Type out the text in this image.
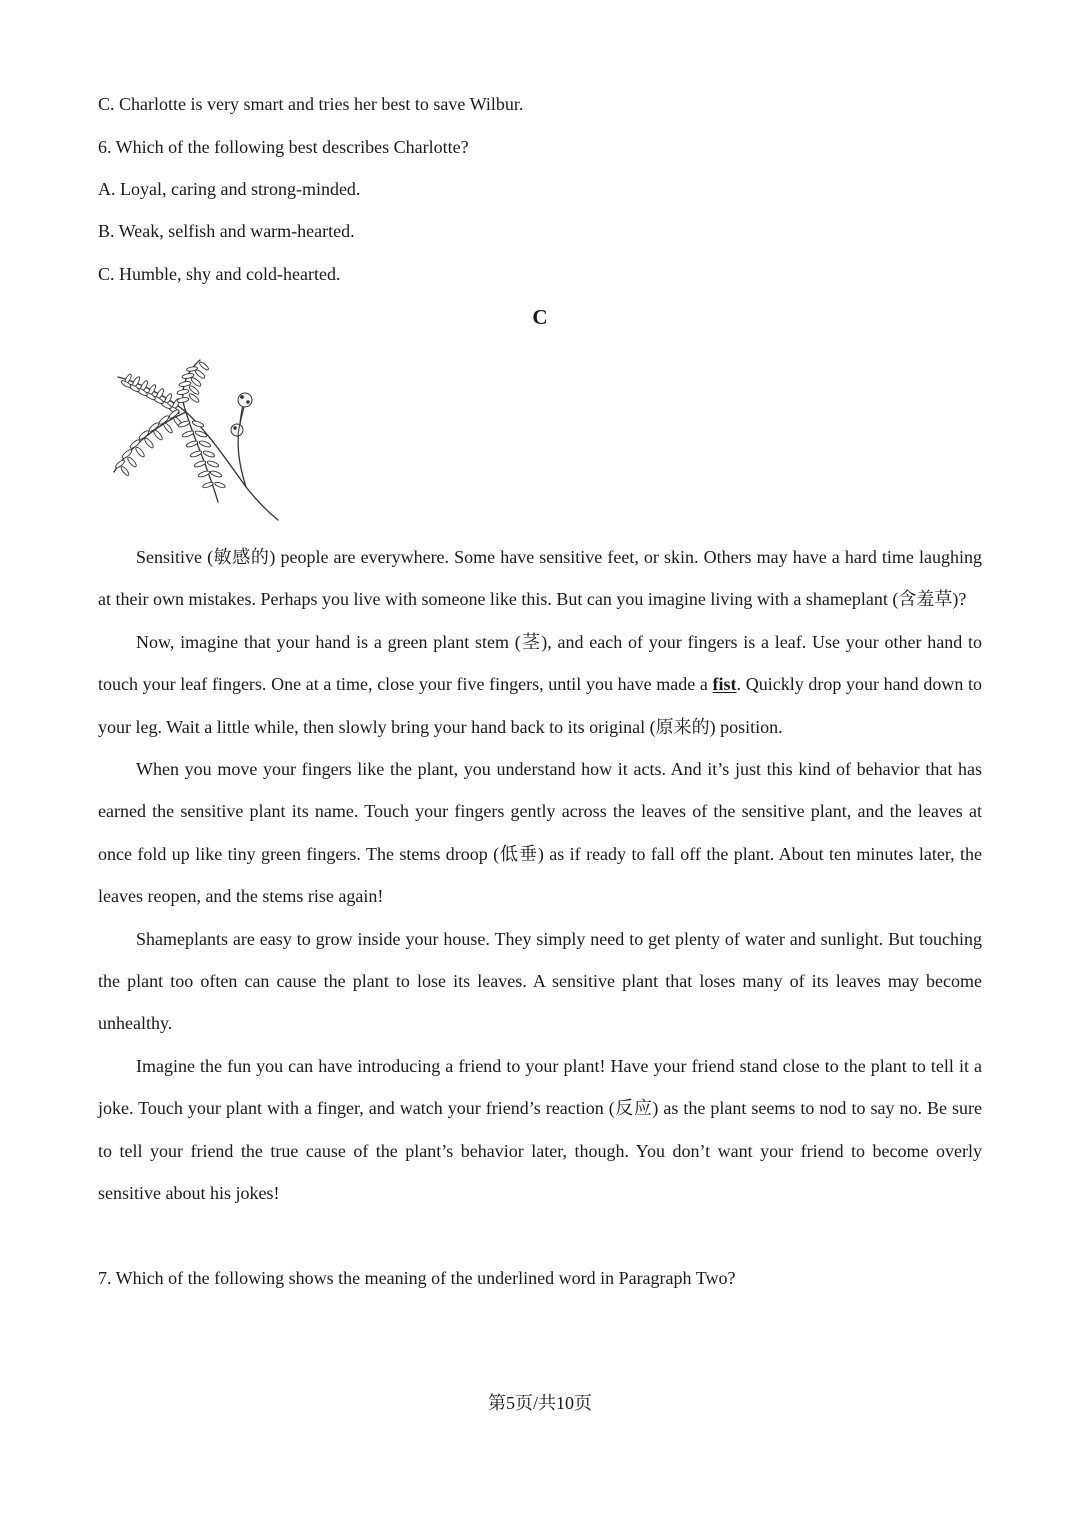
C. Charlotte is very smart and tries her best to save Wilbur.
6. Which of the following best describes Charlotte?
A. Loyal, caring and strong-minded.
B. Weak, selfish and warm-hearted.
C. Humble, shy and cold-hearted.
C

Sensitive (敏感的) people are everywhere. Some have sensitive feet, or skin. Others may have a hard time laughing at their own mistakes. Perhaps you live with someone like this. But can you imagine living with a shameplant (含羞草)?

Now, imagine that your hand is a green plant stem (茎), and each of your fingers is a leaf. Use your other hand to touch your leaf fingers. One at a time, close your five fingers, until you have made a fist. Quickly drop your hand down to your leg. Wait a little while, then slowly bring your hand back to its original (原来的) position.

When you move your fingers like the plant, you understand how it acts. And it’s just this kind of behavior that has earned the sensitive plant its name. Touch your fingers gently across the leaves of the sensitive plant, and the leaves at once fold up like tiny green fingers. The stems droop (低垂) as if ready to fall off the plant. About ten minutes later, the leaves reopen, and the stems rise again!

Shameplants are easy to grow inside your house. They simply need to get plenty of water and sunlight. But touching the plant too often can cause the plant to lose its leaves. A sensitive plant that loses many of its leaves may become unhealthy.

Imagine the fun you can have introducing a friend to your plant! Have your friend stand close to the plant to tell it a joke. Touch your plant with a finger, and watch your friend’s reaction (反应) as the plant seems to nod to say no. Be sure to tell your friend the true cause of the plant’s behavior later, though. You don’t want your friend to become overly sensitive about his jokes!

7. Which of the following shows the meaning of the underlined word in Paragraph Two?
第5页/共10页
